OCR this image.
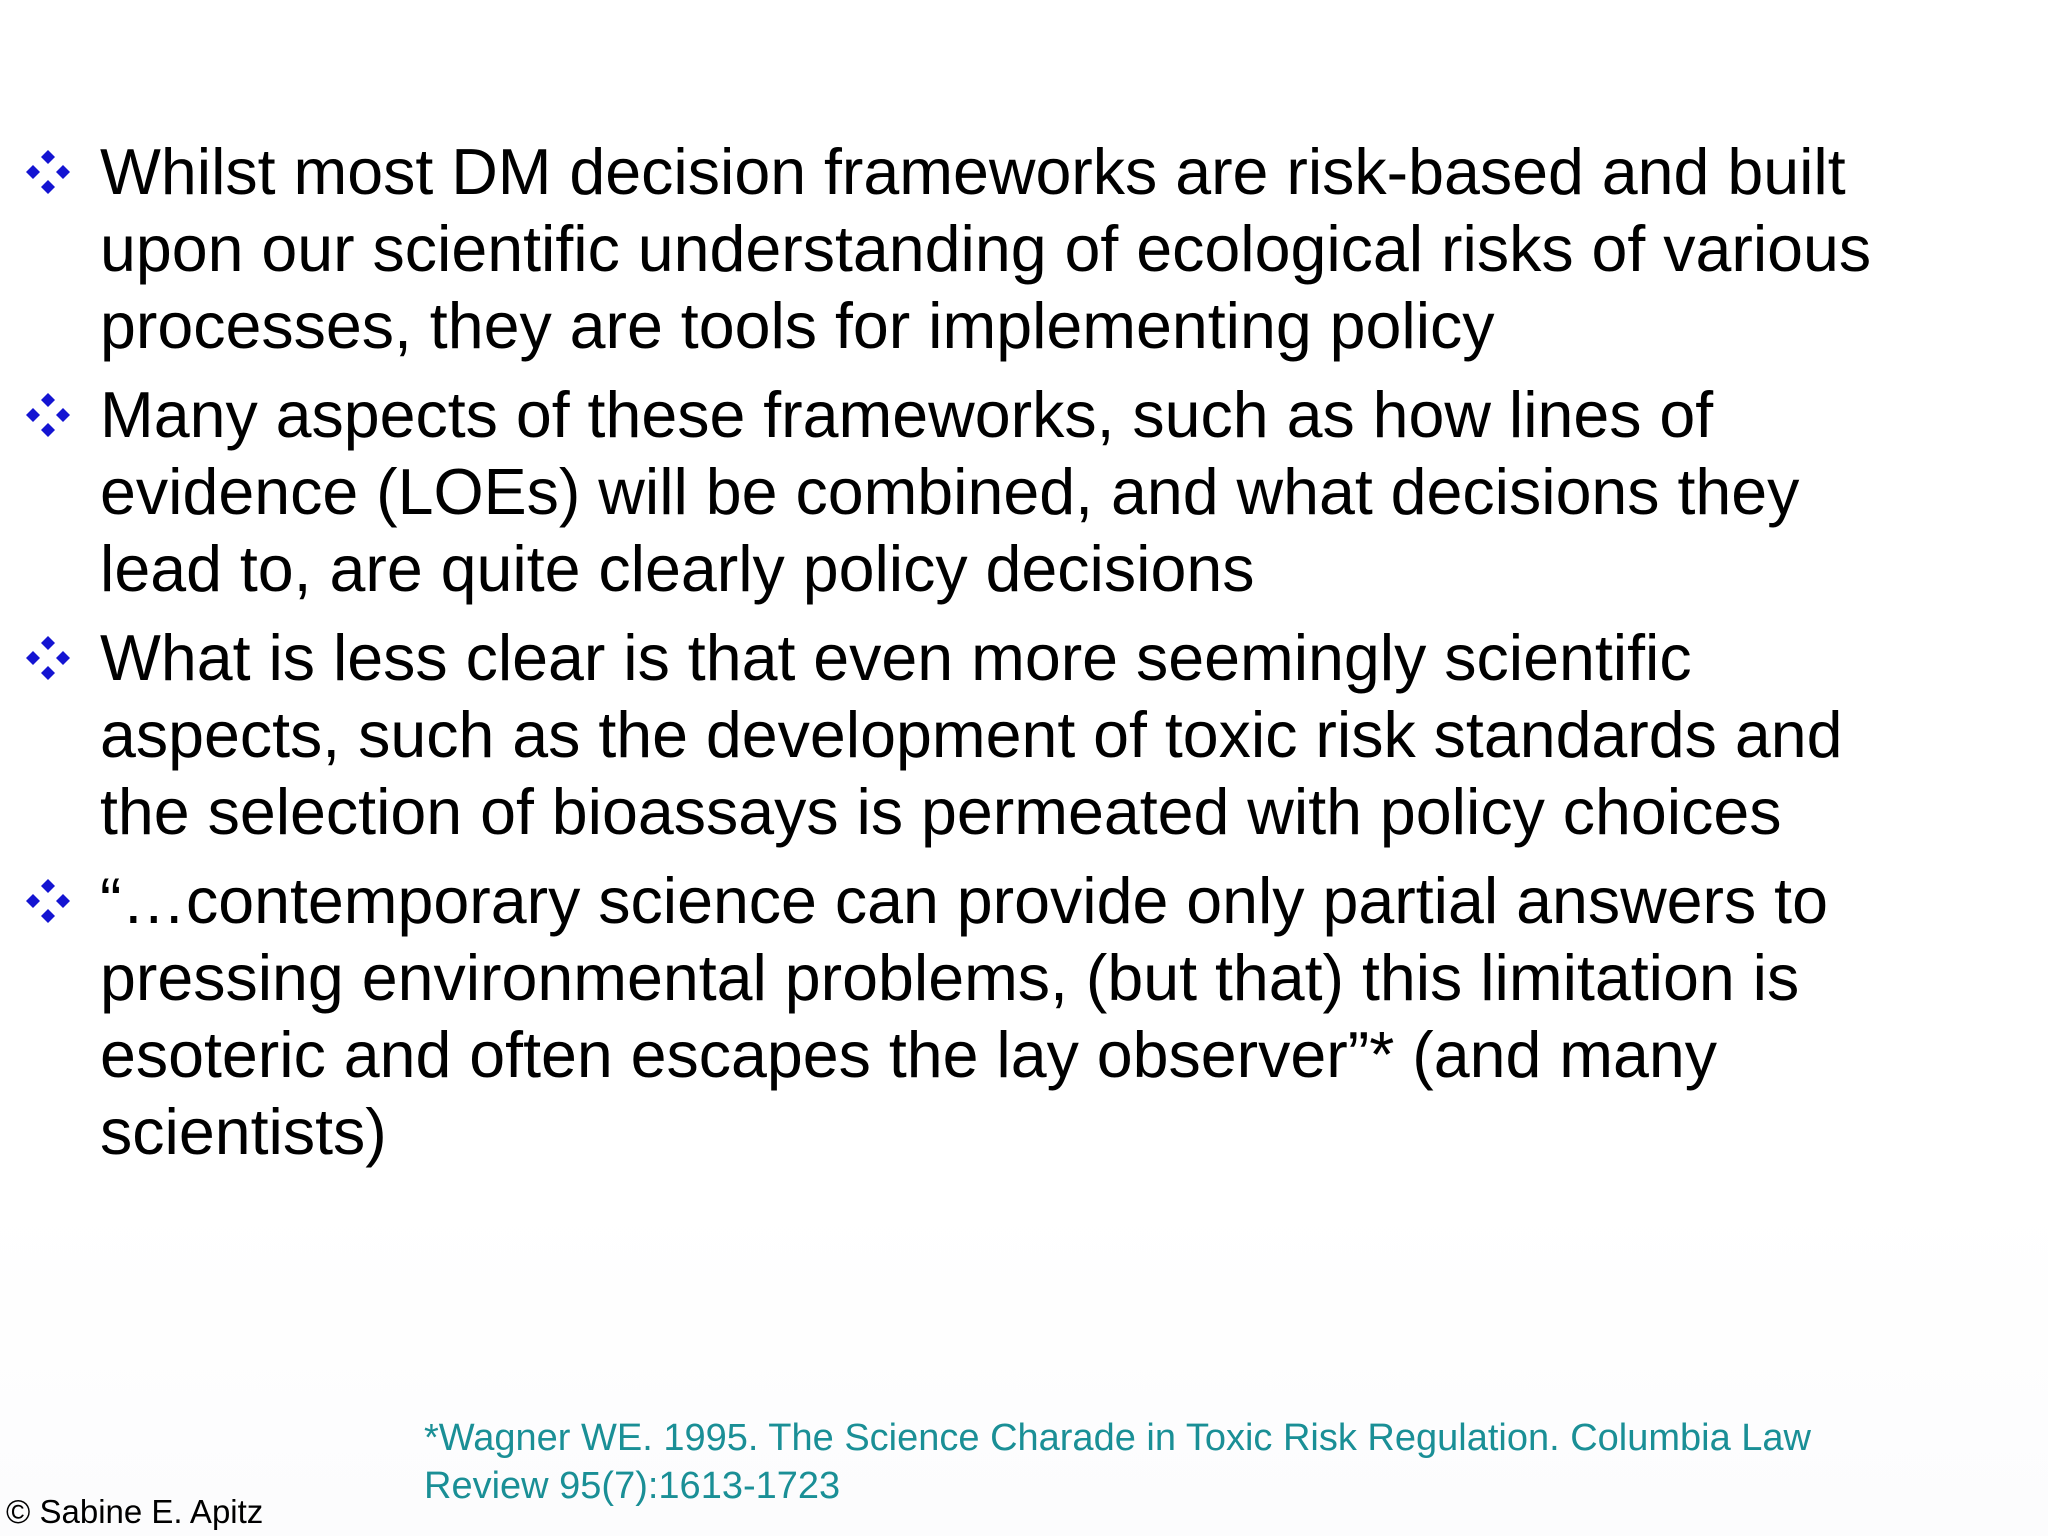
Whilst most DM decision frameworks are risk-based and built
upon our scientific understanding of ecological risks of various
processes, they are tools for implementing policy
Many aspects of these frameworks, such as how lines of
evidence (LOEs) will be combined, and what decisions they
lead to, are quite clearly policy decisions
What is less clear is that even more seemingly scientific
aspects, such as the development of toxic risk standards and
the selection of bioassays is permeated with policy choices
“…contemporary science can provide only partial answers to
pressing environmental problems, (but that) this limitation is
esoteric and often escapes the lay observer”* (and many
scientists)
*Wagner WE. 1995. The Science Charade in Toxic Risk Regulation. Columbia Law
Review 95(7):1613-1723
© Sabine E. Apitz
